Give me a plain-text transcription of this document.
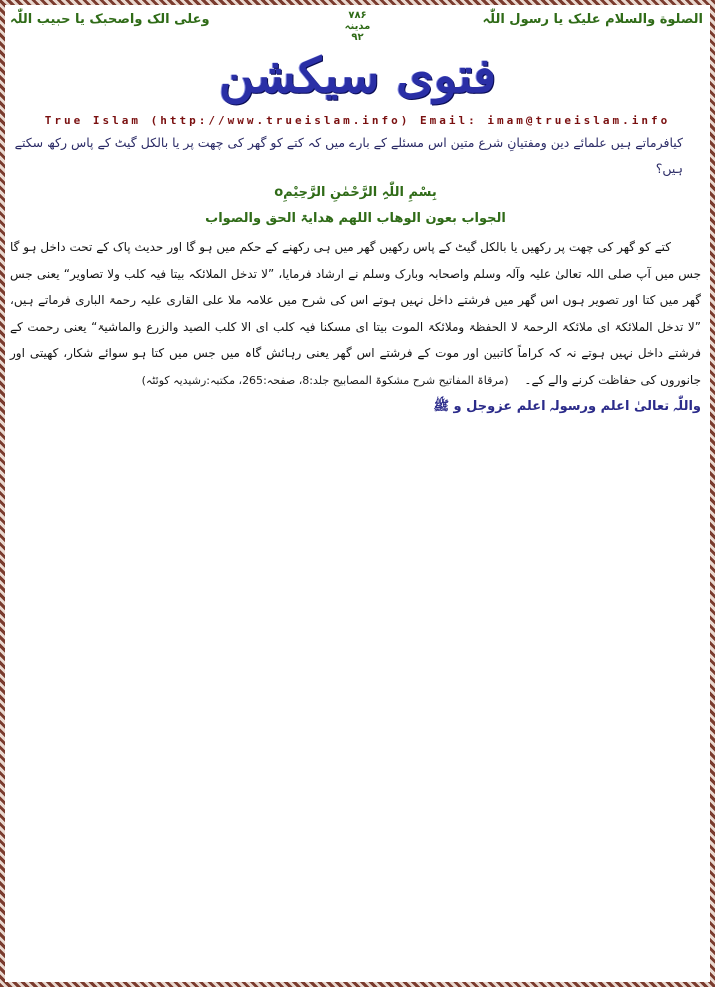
الصلوة والسلام علیک یا رسول اللّٰہ
۷۸۶
مدینہ
۹۲
وعلی الک واصحبک یا حبیب اللّٰہ
فتوی سیکشن
True Islam (http://www.trueislam.info) Email: imam@trueislam.info
کیافرماتے ہیں علمائے دین ومفتیانِ شرع متین اس مسئلے کے بارے میں کہ کتے کو گھر کی چھت پر یا بالکل گیٹ کے پاس رکھ سکتے ہیں؟
بِسْمِ اللّٰہِ الرَّحْمٰنِ الرَّحِیْمِo
الجواب بعون الوھاب اللھم ھدایۃ الحق والصواب
کتے کو گھر کی چھت پر رکھیں یا بالکل گیٹ کے پاس رکھیں گھر میں ہی رکھنے کے حکم میں ہو گا اور حدیث پاک کے تحت داخل ہو گا جس میں آپ صلی اللہ تعالیٰ علیہ وآلہ وسلم واصحابہ وبارک وسلم نے ارشاد فرمایا، ”لا تدخل الملائکہ بیتا فیہ کلب ولا تصاویر“ یعنی جس گھر میں کتا اور تصویر ہوں اس گھر میں فرشتے داخل نہیں ہوتے اس کی شرح میں علامہ ملا علی القاری علیہ رحمۃ الباری فرماتے ہیں، ”لا تدخل الملائکۃ ای ملائکۃ الرحمۃ لا الحفظۃ وملائکۃ الموت بیتا ای مسکنا فیہ کلب ای الا کلب الصید والزرع والماشیۃ“ یعنی رحمت کے فرشتے داخل نہیں ہوتے نہ کہ کراماً کاتبین اور موت کے فرشتے اس گھر یعنی رہائش گاہ میں جس میں کتا ہو سوائے شکار، کھیتی اور جانوروں کی حفاظت کرنے والے کے۔ (مرقاۃ المفاتیح شرح مشکوۃ المصابیح جلد:8، صفحہ:265، مکتبہ:رشیدیہ کوئٹہ)
واللّٰہ تعالیٰ اعلم ورسولہ اعلم عزوجل و ﷺ
